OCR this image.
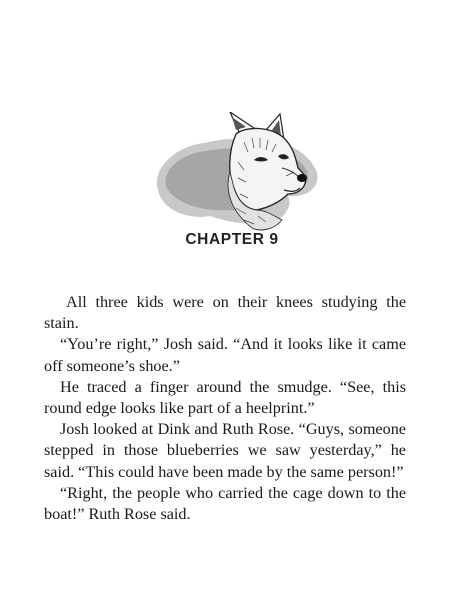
CHAPTER 9

All three kids were on their knees studying the stain.

“You’re right,” Josh said. “And it looks like it came off someone’s shoe.”

He traced a finger around the smudge. “See, this round edge looks like part of a heelprint.”

Josh looked at Dink and Ruth Rose. “Guys, someone stepped in those blueberries we saw yesterday,” he said. “This could have been made by the same person!”

“Right, the people who carried the cage down to the boat!” Ruth Rose said.
